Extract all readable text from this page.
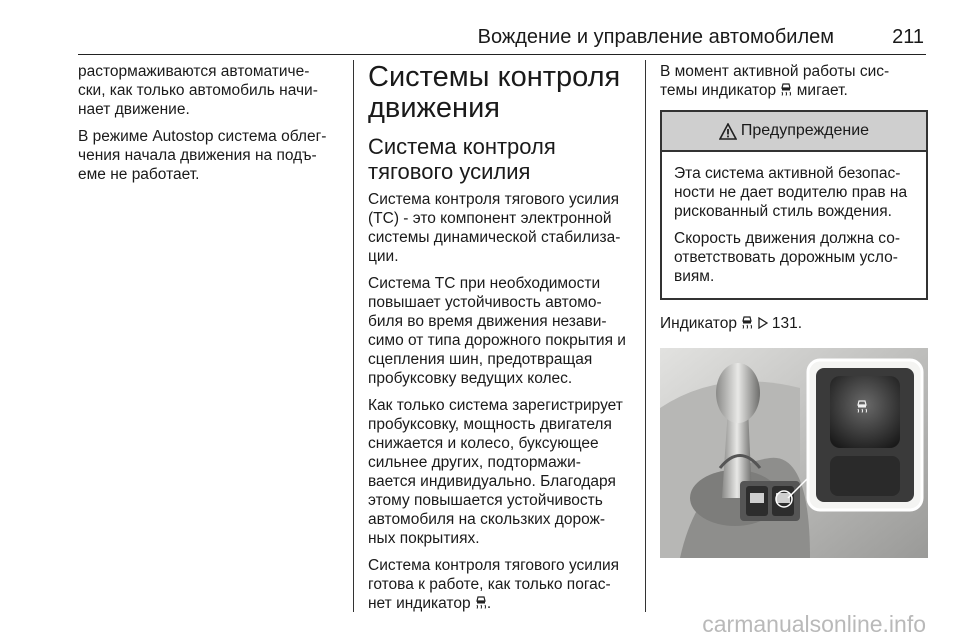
Вождение и управление автомобилем	211

растормаживаются автоматиче-
ски, как только автомобиль начи-
нает движение.

В режиме Autostop система облег-
чения начала движения на подъ-
еме не работает.

Системы контроля
движения
Система контроля
тягового усилия

Система контроля тягового усилия
(TC) - это компонент электронной
системы динамической стабилиза-
ции.

Система TC при необходимости
повышает устойчивость автомо-
биля во время движения незави-
симо от типа дорожного покрытия и
сцепления шин, предотвращая
пробуксовку ведущих колес.

Как только система зарегистрирует
пробуксовку, мощность двигателя
снижается и колесо, буксующее
сильнее других, подтормажи-
вается индивидуально. Благодаря
этому повышается устойчивость
автомобиля на скользких дорож-
ных покрытиях.

Система контроля тягового усилия
готова к работе, как только погас-
нет индикатор .

В момент активной работы сис-
темы индикатор мигает.

Предупреждение

Эта система активной безопас-
ности не дает водителю прав на
рискованный стиль вождения.

Скорость движения должна со-
ответствовать дорожным усло-
виям.

Индикатор 131.

carmanualsonline.info
